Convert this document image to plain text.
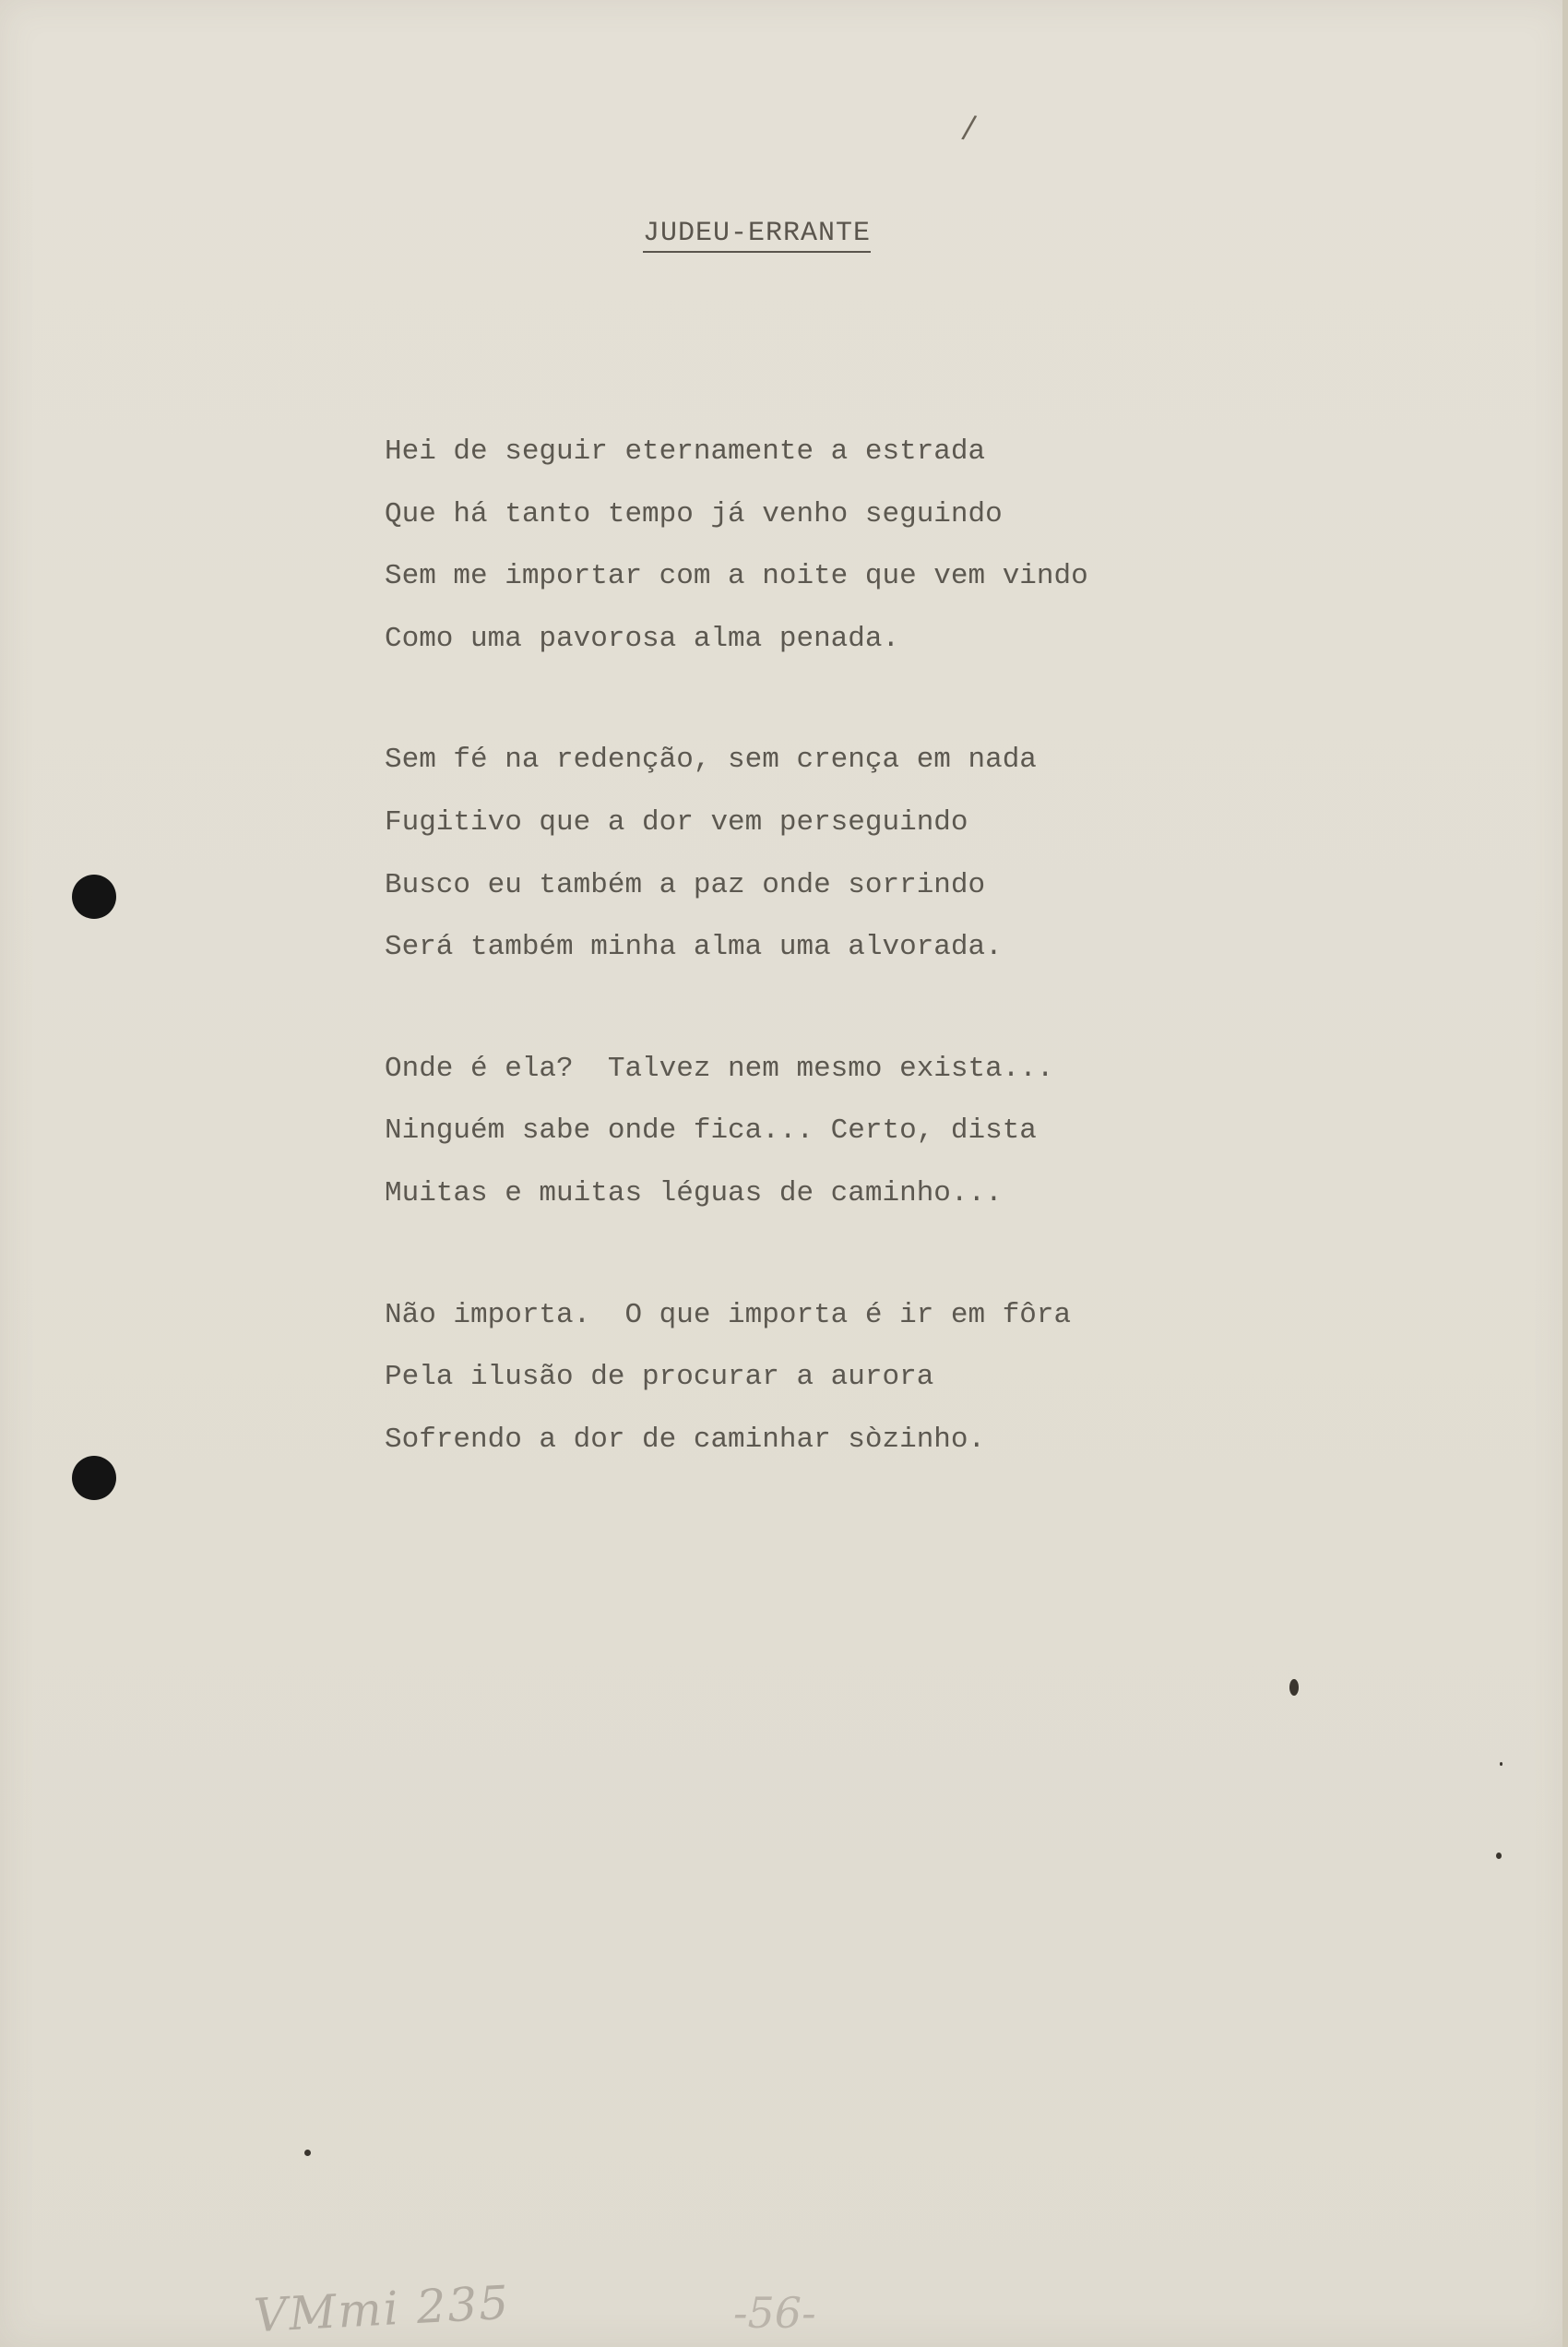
/
JUDEU-ERRANTE
Hei de seguir eternamente a estrada
Que há tanto tempo já venho seguindo
Sem me importar com a noite que vem vindo
Como uma pavorosa alma penada.
Sem fé na redenção, sem crença em nada
Fugitivo que a dor vem perseguindo
Busco eu também a paz onde sorrindo
Será também minha alma uma alvorada.
Onde é ela?  Talvez nem mesmo exista...
Ninguém sabe onde fica... Certo, dista
Muitas e muitas léguas de caminho...
Não importa.  O que importa é ir em fôra
Pela ilusão de procurar a aurora
Sofrendo a dor de caminhar sòzinho.
VMmi 235	-56-
